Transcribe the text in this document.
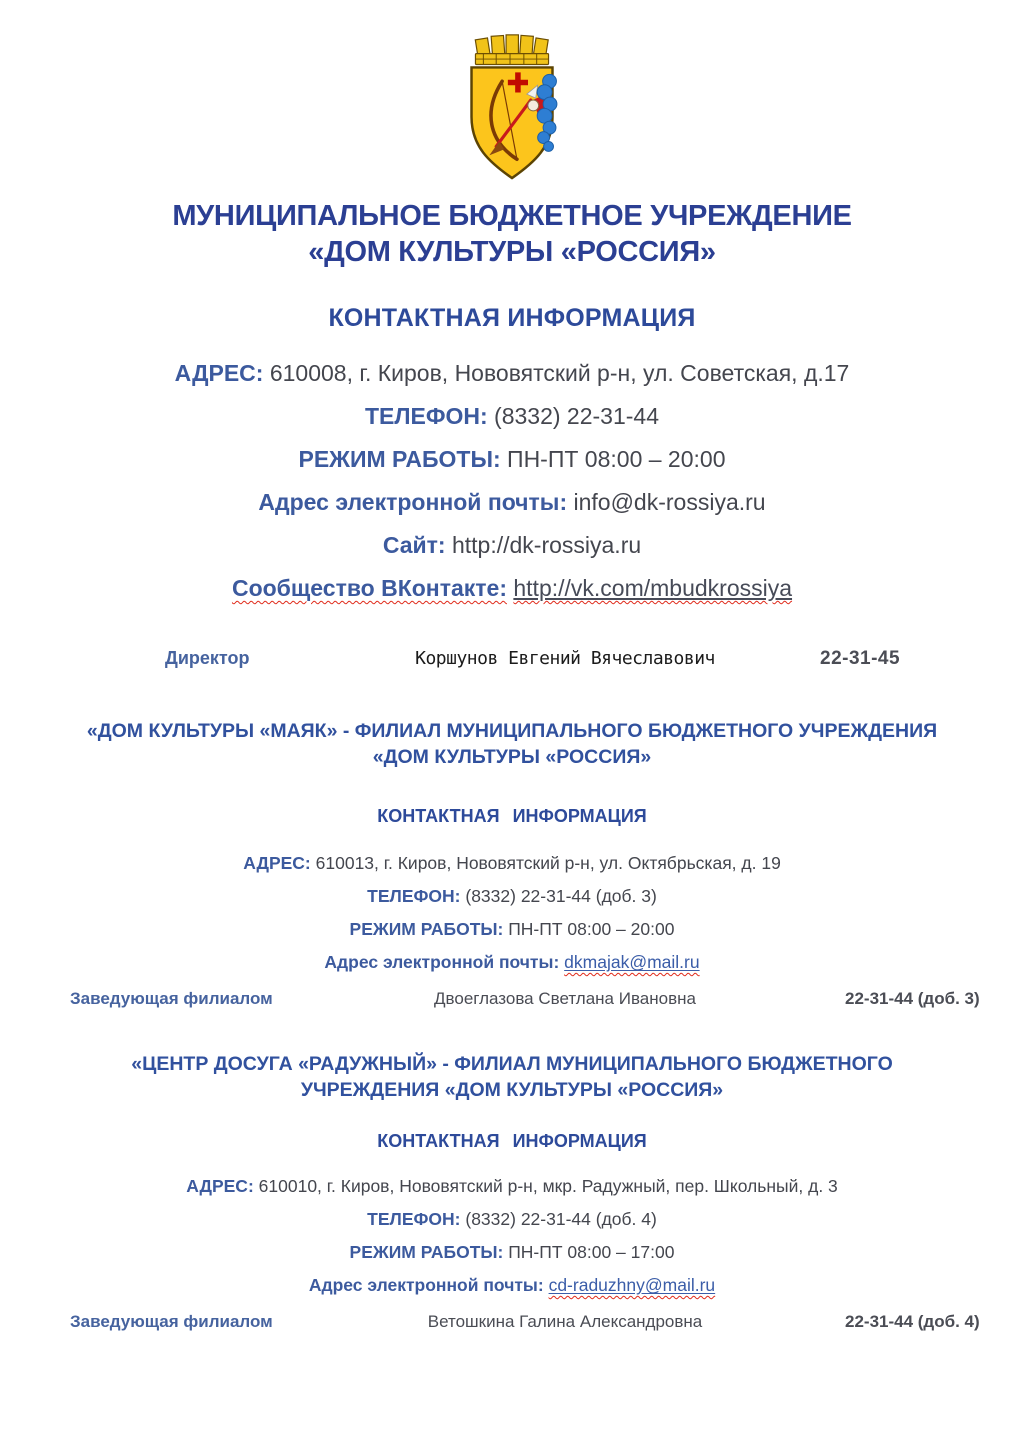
МУНИЦИПАЛЬНОЕ БЮДЖЕТНОЕ УЧРЕЖДЕНИЕ
«ДОМ КУЛЬТУРЫ «РОССИЯ»
КОНТАКТНАЯ ИНФОРМАЦИЯ
АДРЕС: 610008, г. Киров, Нововятский р-н, ул. Советская, д.17
ТЕЛЕФОН: (8332) 22-31-44
РЕЖИМ РАБОТЫ: ПН-ПТ 08:00 – 20:00
Адрес электронной почты: info@dk-rossiya.ru
Сайт: http://dk-rossiya.ru
Сообщество ВКонтакте: http://vk.com/mbudkrossiya
Директор	Коршунов Евгений Вячеславович	22-31-45
«ДОМ КУЛЬТУРЫ «МАЯК» - ФИЛИАЛ МУНИЦИПАЛЬНОГО БЮДЖЕТНОГО УЧРЕЖДЕНИЯ
«ДОМ КУЛЬТУРЫ «РОССИЯ»
КОНТАКТНАЯ ИНФОРМАЦИЯ
АДРЕС: 610013, г. Киров, Нововятский р-н, ул. Октябрьская, д. 19
ТЕЛЕФОН: (8332) 22-31-44 (доб. 3)
РЕЖИМ РАБОТЫ: ПН-ПТ 08:00 – 20:00
Адрес электронной почты: dkmajak@mail.ru
Заведующая филиалом	Двоеглазова Светлана Ивановна	22-31-44 (доб. 3)
«ЦЕНТР ДОСУГА «РАДУЖНЫЙ» - ФИЛИАЛ МУНИЦИПАЛЬНОГО БЮДЖЕТНОГО
УЧРЕЖДЕНИЯ «ДОМ КУЛЬТУРЫ «РОССИЯ»
КОНТАКТНАЯ ИНФОРМАЦИЯ
АДРЕС: 610010, г. Киров, Нововятский р-н, мкр. Радужный, пер. Школьный, д. 3
ТЕЛЕФОН: (8332) 22-31-44 (доб. 4)
РЕЖИМ РАБОТЫ: ПН-ПТ 08:00 – 17:00
Адрес электронной почты: cd-raduzhny@mail.ru
Заведующая филиалом	Ветошкина Галина Александровна	22-31-44 (доб. 4)
